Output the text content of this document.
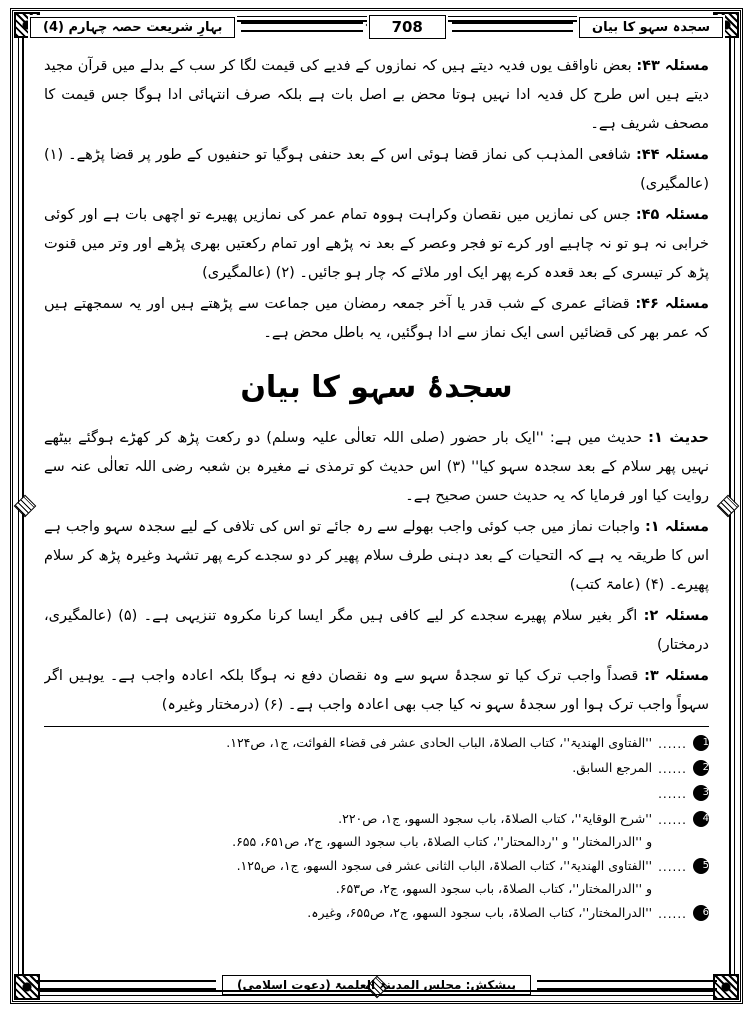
بہارِ شریعت حصہ چہارم (4)	708	سجدہ سہو کا بیان

مسئلہ ۴۳: بعض ناواقف یوں فدیہ دیتے ہیں کہ نمازوں کے فدیے کی قیمت لگا کر سب کے بدلے میں قرآن مجید دیتے ہیں اس طرح کل فدیہ ادا نہیں ہوتا محض بے اصل بات ہے بلکہ صرف انتہائی ادا ہوگا جس قیمت کا مصحف شریف ہے۔

مسئلہ ۴۴: شافعی المذہب کی نماز قضا ہوئی اس کے بعد حنفی ہوگیا تو حنفیوں کے طور پر قضا پڑھے۔ (۱) (عالمگیری)

مسئلہ ۴۵: جس کی نمازیں میں نقصان وکراہت ہووہ تمام عمر کی نمازیں پھیرے تو اچھی بات ہے اور کوئی خرابی نہ ہو تو نہ چاہیے اور کرے تو فجر وعصر کے بعد نہ پڑھے اور تمام رکعتیں بھری پڑھے اور وتر میں قنوت پڑھ کر تیسری کے بعد قعدہ کرے پھر ایک اور ملائے کہ چار ہو جائیں۔ (۲) (عالمگیری)

مسئلہ ۴۶: قضائے عمری کے شب قدر یا آخر جمعہ رمضان میں جماعت سے پڑھتے ہیں اور یہ سمجھتے ہیں کہ عمر بھر کی قضائیں اسی ایک نماز سے ادا ہوگئیں، یہ باطل محض ہے۔

سجدۂ سہو کا بیان

حدیث ۱: حدیث میں ہے: ''ایک بار حضور (صلی اللہ تعالٰی علیہ وسلم) دو رکعت پڑھ کر کھڑے ہوگئے بیٹھے نہیں پھر سلام کے بعد سجدہ سہو کیا'' (۳) اس حدیث کو ترمذی نے مغیرہ بن شعبہ رضی اللہ تعالٰی عنہ سے روایت کیا اور فرمایا کہ یہ حدیث حسن صحیح ہے۔

مسئلہ ۱: واجبات نماز میں جب کوئی واجب بھولے سے رہ جائے تو اس کی تلافی کے لیے سجدہ سہو واجب ہے اس کا طریقہ یہ ہے کہ التحیات کے بعد دہنی طرف سلام پھیر کر دو سجدے کرے پھر تشہد وغیرہ پڑھ کر سلام پھیرے۔ (۴) (عامۃ کتب)

مسئلہ ۲: اگر بغیر سلام پھیرے سجدے کر لیے کافی ہیں مگر ایسا کرنا مکروہ تنزیہی ہے۔ (۵) (عالمگیری، درمختار)

مسئلہ ۳: قصداً واجب ترک کیا تو سجدۂ سہو سے وہ نقصان دفع نہ ہوگا بلکہ اعادہ واجب ہے۔ یوہیں اگر سہواً واجب ترک ہوا اور سجدۂ سہو نہ کیا جب بھی اعادہ واجب ہے۔ (۶) (درمختار وغیرہ)

1
......
''الفتاوی الھندیۃ''، کتاب الصلاۃ، الباب الحادی عشر فی قضاء الفوائت، ج۱، ص۱۲۴.
2
......
المرجع السابق.
3
......
4
......
''شرح الوقایۃ''، کتاب الصلاۃ، باب سجود السھو، ج۱، ص۲۲۰.
و ''الدرالمختار'' و ''ردالمحتار''، کتاب الصلاۃ، باب سجود السھو، ج۲، ص۶۵۱، ۶۵۵.
5
......
''الفتاوی الھندیۃ''، کتاب الصلاۃ، الباب الثانی عشر فی سجود السھو، ج۱، ص۱۲۵.
و ''الدرالمختار''، کتاب الصلاۃ، باب سجود السھو، ج۲، ص۶۵۳.
6
......
''الدرالمختار''، کتاب الصلاۃ، باب سجود السھو، ج۲، ص۶۵۵، وغیرہ.
پیشکش: مجلس المدینۃ العلمیۃ (دعوتِ اسلامی)
